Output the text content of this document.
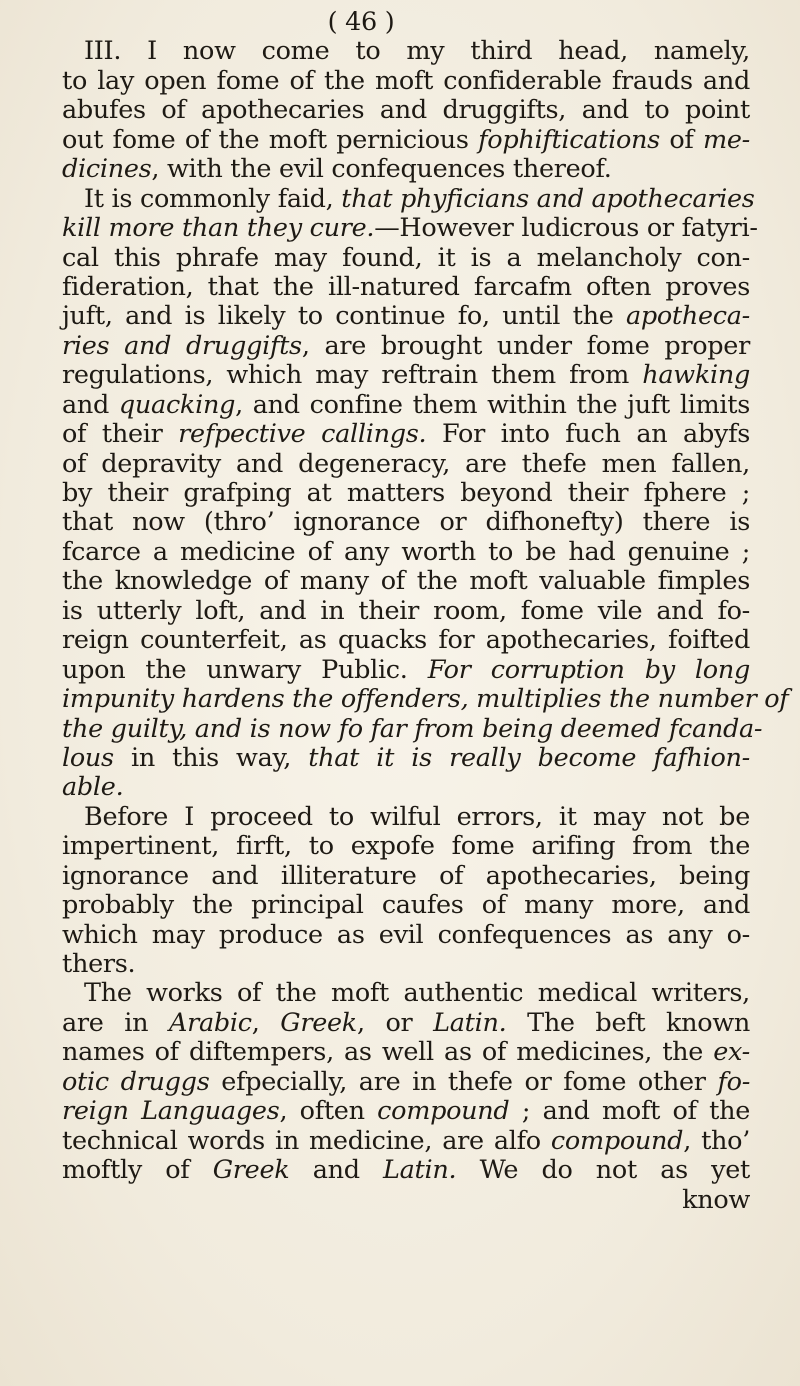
( 46 )
III. I now come to my third head, namely,
to lay open fome of the moft confiderable frauds and
abufes of apothecaries and druggifts, and to point
out fome of the moft pernicious fophiftications of me-
dicines, with the evil confequences thereof.
It is commonly faid, that phyficians and apothecaries
kill more than they cure.—However ludicrous or fatyri-
cal this phrafe may found, it is a melancholy con-
fideration, that the ill-natured farcafm often proves
juft, and is likely to continue fo, until the apotheca-
ries and druggifts, are brought under fome proper
regulations, which may reftrain them from hawking
and quacking, and confine them within the juft limits
of their refpective callings. For into fuch an abyfs
of depravity and degeneracy, are thefe men fallen,
by their grafping at matters beyond their fphere ;
that now (thro’ ignorance or difhonefty) there is
fcarce a medicine of any worth to be had genuine ;
the knowledge of many of the moft valuable fimples
is utterly loft, and in their room, fome vile and fo-
reign counterfeit, as quacks for apothecaries, foifted
upon the unwary Public. For corruption by long
impunity hardens the offenders, multiplies the number of
the guilty, and is now fo far from being deemed fcanda-
lous in this way, that it is really become fafhion-
able.
Before I proceed to wilful errors, it may not be
impertinent, firft, to expofe fome arifing from the
ignorance and illiterature of apothecaries, being
probably the principal caufes of many more, and
which may produce as evil confequences as any o-
thers.
The works of the moft authentic medical writers,
are in Arabic, Greek, or Latin. The beft known
names of diftempers, as well as of medicines, the ex-
otic druggs efpecially, are in thefe or fome other fo-
reign Languages, often compound ; and moft of the
technical words in medicine, are alfo compound, tho’
moftly of Greek and Latin. We do not as yet
know
